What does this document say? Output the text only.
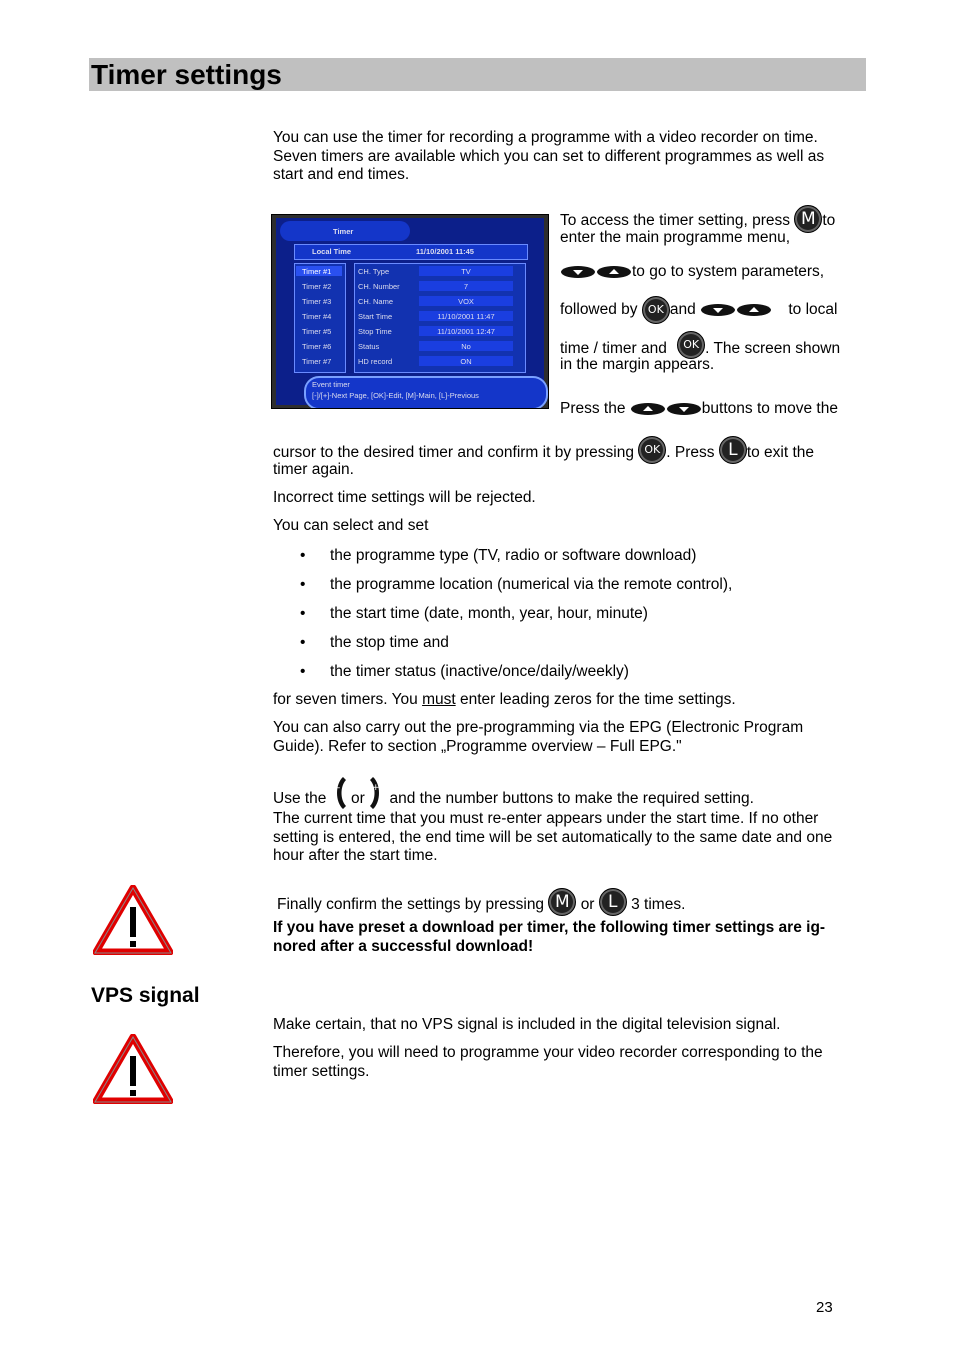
Timer settings
You can use the timer for recording a programme with a video recorder on time. Seven timers are available which you can set to different programmes as well as start and end times.
Timer
Local Time	11/10/2001 11:45
Timer #1
Timer #2
Timer #3
Timer #4
Timer #5
Timer #6
Timer #7
CH. Type	TV
CH. Number	7
CH. Name	VOX
Start Time	11/10/2001 11:47
Stop Time	11/10/2001 12:47
Status	No
HD record	ON
Event timer
[-]/[+]-Next Page, [OK]-Edit, [M]-Main, [L]-Previous
To access the timer setting, press M to
enter the main programme menu,
to go to system parameters,
followed by OK and	to local
time / timer and OK . The screen shown
in the margin appears.
Press the	buttons to move the
cursor to the desired timer and confirm it by pressing OK . Press L to exit the
timer again.
Incorrect time settings will be rejected.
You can select and set
• the programme type (TV, radio or software download)
• the programme location (numerical via the remote control),
• the start time (date, month, year, hour, minute)
• the stop time and
• the timer status (inactive/once/daily/weekly)
for seven timers. You must enter leading zeros for the time settings.
You can also carry out the pre-programming via the EPG (Electronic Program Guide). Refer to section „Programme overview – Full EPG."
Use the
-
or
+
and the number buttons to make the required setting.
The current time that you must re-enter appears under the start time. If no other setting is entered, the end time will be set automatically to the same date and one hour after the start time.
Finally confirm the settings by pressing M or L 3 times.
If you have preset a download per timer, the following timer settings are ig-nored after a successful download!
VPS signal
Make certain, that no VPS signal is included in the digital television signal.
Therefore, you will need to programme your video recorder corresponding to the timer settings.
23
